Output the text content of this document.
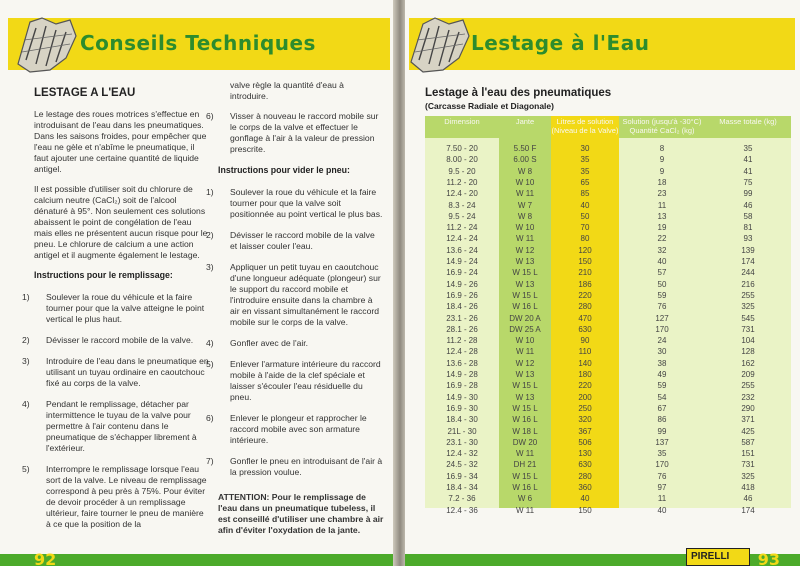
Conseils Techniques
LESTAGE A L'EAU

Le lestage des roues motrices s'effectue en introduisant de l'eau dans les pneumatiques. Dans les saisons froides, pour empêcher que l'eau ne gèle et n'abîme le pneumatique, il faut ajouter une certaine quantité de liquide antigel.

Il est possible d'utiliser soit du chlorure de calcium neutre (CaCl₂) soit de l'alcool dénaturé à 95°. Non seulement ces solutions abaissent le point de congélation de l'eau mais elles ne présentent aucun risque pour le pneu. Le chlorure de calcium a une action antigel et il augmente également le lestage.

Instructions pour le remplissage:
1) Soulever la roue du véhicule et la faire tourner pour que la valve atteigne le point vertical le plus haut.
2) Dévisser le raccord mobile de la valve.
3) Introduire de l'eau dans le pneumatique en utilisant un tuyau ordinaire en caoutchouc fixé au corps de la valve.
4) Pendant le remplissage, détacher par intermittence le tuyau de la valve pour permettre à l'air contenu dans le pneumatique de s'échapper librement à l'extérieur.
5) Interrompre le remplissage lorsque l'eau sort de la valve. Le niveau de remplissage correspond à peu près à 75%. Pour éviter de devoir procéder à un remplissage ultérieur, faire tourner le pneu de manière à ce que la position de la

valve règle la quantité d'eau à introduire.

6) Visser à nouveau le raccord mobile sur le corps de la valve et effectuer le gonflage à l'air à la valeur de pression prescrite.
Instructions pour vider le pneu:
1) Soulever la roue du véhicule et la faire tourner pour que la valve soit positionnée au point vertical le plus bas.
2) Dévisser le raccord mobile de la valve et laisser couler l'eau.
3) Appliquer un petit tuyau en caoutchouc d'une longueur adéquate (plongeur) sur le support du raccord mobile et l'introduire ensuite dans la chambre à air en vissant simultanément le raccord mobile sur le corps de la valve.
4) Gonfler avec de l'air.
5) Enlever l'armature intérieure du raccord mobile à l'aide de la clef spéciale et laisser s'écouler l'eau résiduelle du pneu.
6) Enlever le plongeur et rapprocher le raccord mobile avec son armature intérieure.
7) Gonfler le pneu en introduisant de l'air à la pression voulue.
ATTENTION: Pour le remplissage de l'eau dans un pneumatique tubeless, il est conseillé d'utiliser une chambre à air afin d'éviter l'oxydation de la jante.
92
Lestage à l'Eau
Lestage à l'eau des pneumatiques
(Carcasse Radiale et Diagonale)
Dimension
7.50 - 20
8.00 - 20
9.5 - 20
11.2 - 20
12.4 - 20
8.3 - 24
9.5 - 24
11.2 - 24
12.4 - 24
13.6 - 24
14.9 - 24
16.9 - 24
14.9 - 26
16.9 - 26
18.4 - 26
23.1 - 26
28.1 - 26
11.2 - 28
12.4 - 28
13.6 - 28
14.9 - 28
16.9 - 28
14.9 - 30
16.9 - 30
18.4 - 30
21L - 30
23.1 - 30
12.4 - 32
24.5 - 32
16.9 - 34
18.4 - 34
7.2 - 36
12.4 - 36
Jante
5.50 F
6.00 S
W 8
W 10
W 11
W 7
W 8
W 10
W 11
W 12
W 13
W 15 L
W 13
W 15 L
W 16 L
DW 20 A
DW 25 A
W 10
W 11
W 12
W 13
W 15 L
W 13
W 15 L
W 16 L
W 18 L
DW 20
W 11
DH 21
W 15 L
W 16 L
W 6
W 11
Litres de solution (Niveau de la Valve)
30
35
35
65
85
40
50
70
80
120
150
210
186
220
280
470
630
90
110
140
180
220
200
250
320
367
506
130
630
280
360
40
150
Solution (jusqu'à -30°C) Quantité CaCl₂ (kg)
8
9
9
18
23
11
13
19
22
32
40
57
50
59
76
127
170
24
30
38
49
59
54
67
86
99
137
35
170
76
97
11
40
Masse totale (kg)
35
41
41
75
99
46
58
81
93
139
174
244
216
255
325
545
731
104
128
162
209
255
232
290
371
425
587
151
731
325
418
46
174
PIRELLI 93
